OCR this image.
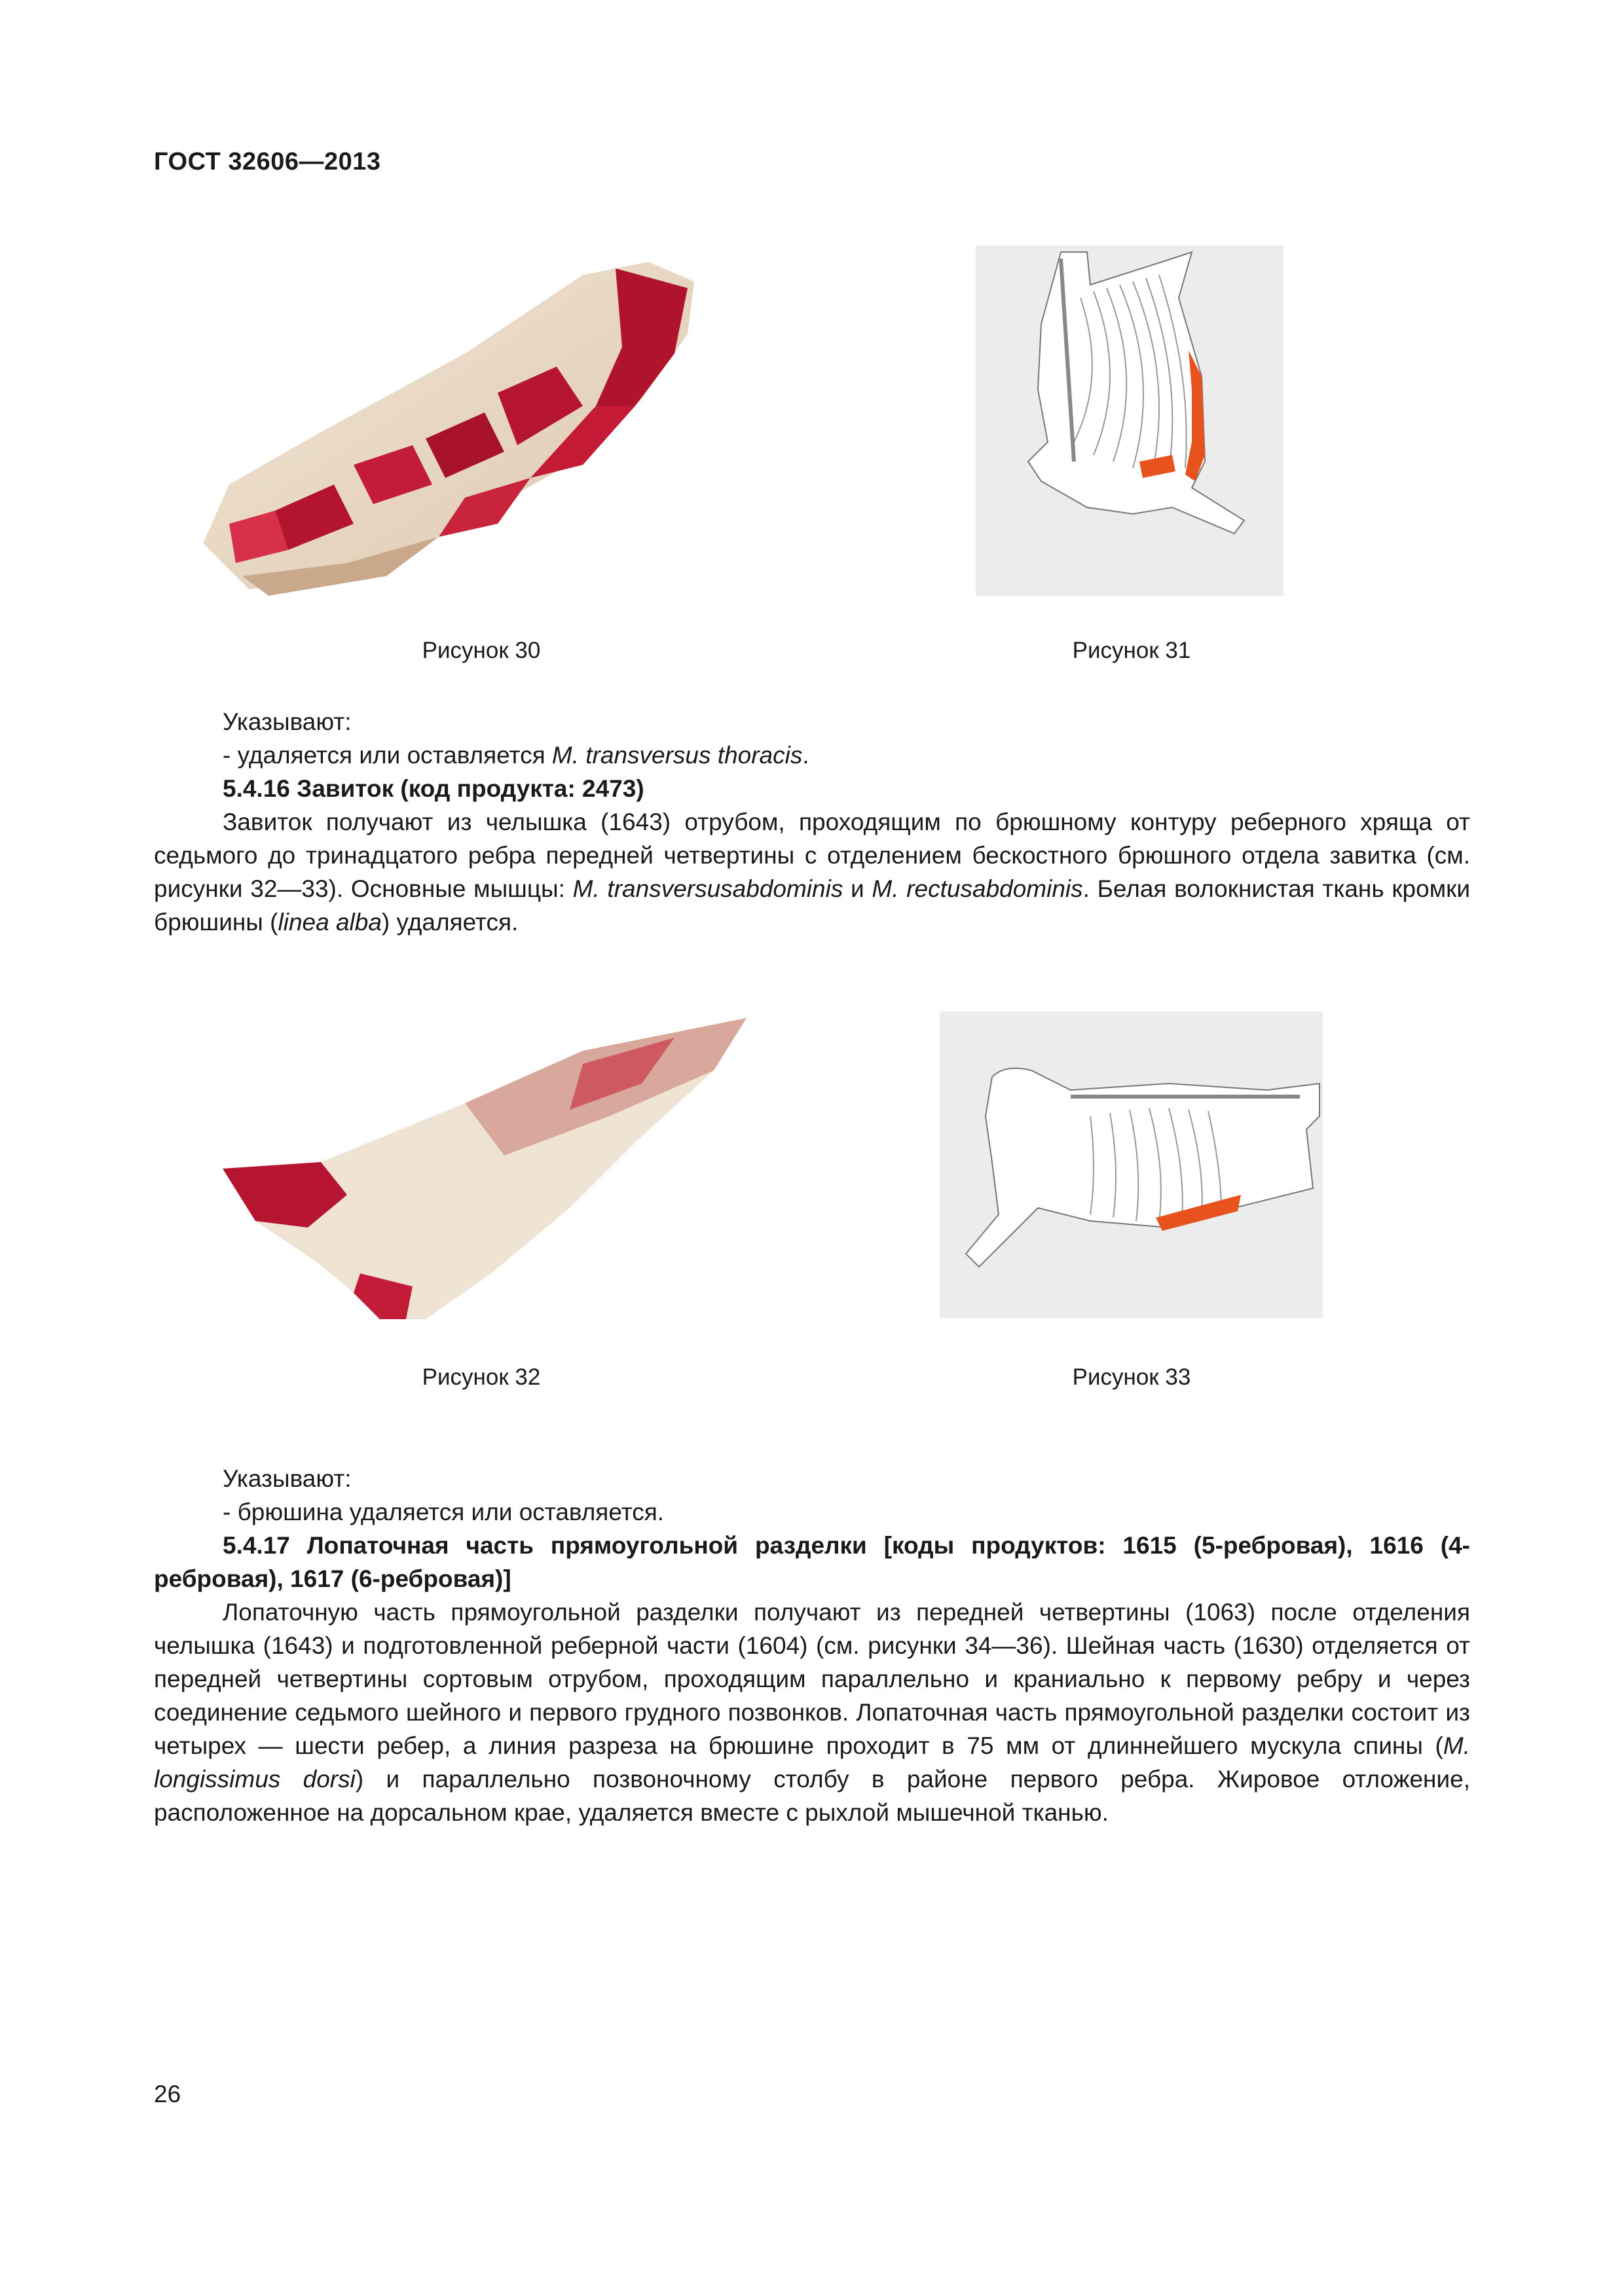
ГОСТ 32606—2013
Рисунок 30	Рисунок 31

Указывают:

- удаляется или оставляется M. transversus thoracis.

5.4.16 Завиток (код продукта: 2473)

Завиток получают из челышка (1643) отрубом, проходящим по брюшному контуру реберного хряща от седьмого до тринадцатого ребра передней четвертины с отделением бескостного брюшного отдела завитка (см. рисунки 32—33). Основные мышцы: M. transversusabdominis и M. rectusabdominis. Белая волокнистая ткань кромки брюшины (linea alba) удаляется.

Рисунок 32	Рисунок 33

Указывают:

- брюшина удаляется или оставляется.

5.4.17 Лопаточная часть прямоугольной разделки [коды продуктов: 1615 (5-ребровая), 1616 (4-ребровая), 1617 (6-ребровая)]

Лопаточную часть прямоугольной разделки получают из передней четвертины (1063) после отделения челышка (1643) и подготовленной реберной части (1604) (см. рисунки 34—36). Шейная часть (1630) отделяется от передней четвертины сортовым отрубом, проходящим параллельно и краниально к первому ребру и через соединение седьмого шейного и первого грудного позвонков. Лопаточная часть прямоугольной разделки состоит из четырех — шести ребер, а линия разреза на брюшине проходит в 75 мм от длиннейшего мускула спины (M. longissimus dorsi) и параллельно позвоночному столбу в районе первого ребра. Жировое отложение, расположенное на дорсальном крае, удаляется вместе с рыхлой мышечной тканью.

26
